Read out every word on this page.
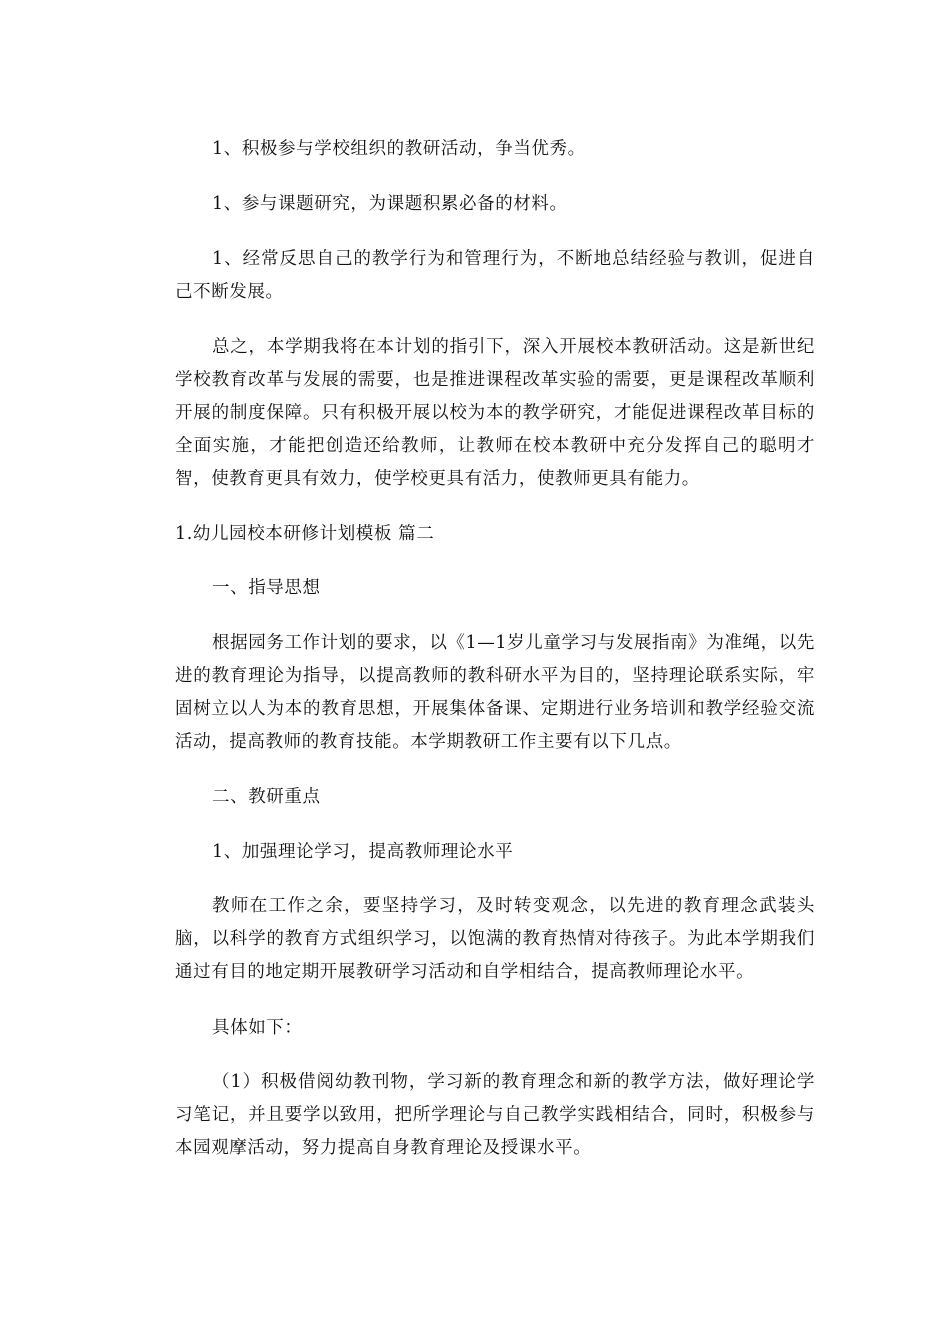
1、积极参与学校组织的教研活动，争当优秀。

1、参与课题研究，为课题积累必备的材料。

1、经常反思自己的教学行为和管理行为，不断地总结经验与教训，促进自己不断发展。

总之，本学期我将在本计划的指引下，深入开展校本教研活动。这是新世纪学校教育改革与发展的需要，也是推进课程改革实验的需要，更是课程改革顺利开展的制度保障。只有积极开展以校为本的教学研究，才能促进课程改革目标的全面实施，才能把创造还给教师，让教师在校本教研中充分发挥自己的聪明才智，使教育更具有效力，使学校更具有活力，使教师更具有能力。

1.幼儿园校本研修计划模板 篇二

一、指导思想

根据园务工作计划的要求，以《1—1岁儿童学习与发展指南》为准绳，以先进的教育理论为指导，以提高教师的教科研水平为目的，坚持理论联系实际，牢固树立以人为本的教育思想，开展集体备课、定期进行业务培训和教学经验交流活动，提高教师的教育技能。本学期教研工作主要有以下几点。

二、教研重点

1、加强理论学习，提高教师理论水平

教师在工作之余，要坚持学习，及时转变观念，以先进的教育理念武装头脑，以科学的教育方式组织学习，以饱满的教育热情对待孩子。为此本学期我们通过有目的地定期开展教研学习活动和自学相结合，提高教师理论水平。

具体如下：

（1）积极借阅幼教刊物，学习新的教育理念和新的教学方法，做好理论学习笔记，并且要学以致用，把所学理论与自己教学实践相结合，同时，积极参与本园观摩活动，努力提高自身教育理论及授课水平。
